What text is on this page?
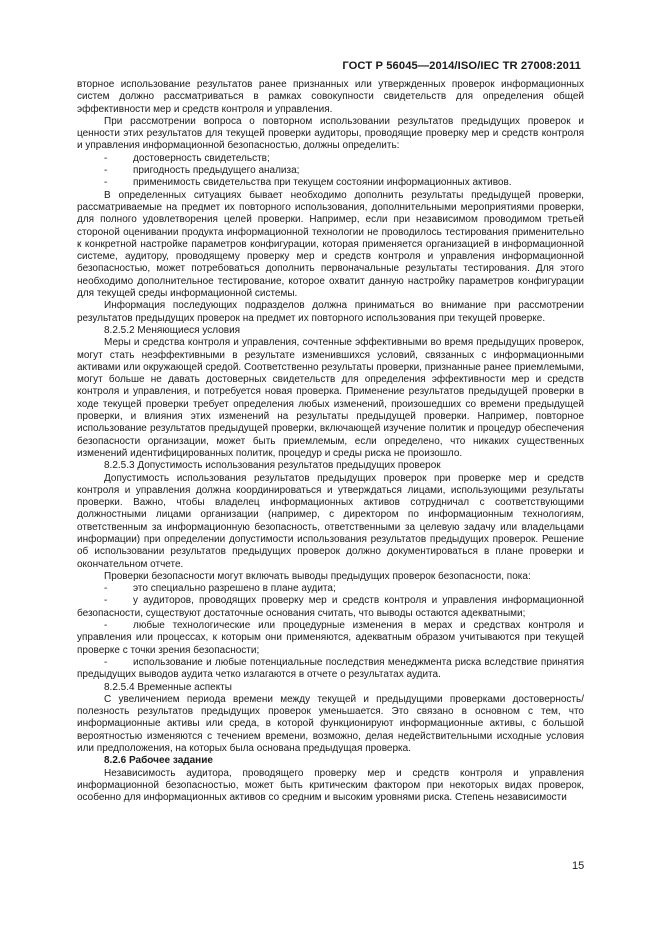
ГОСТ Р 56045—2014/ISO/IEC TR 27008:2011

вторное использование результатов ранее признанных или утвержденных проверок информационных систем должно рассматриваться в рамках совокупности свидетельств для определения общей эффективности мер и средств контроля и управления.

При рассмотрении вопроса о повторном использовании результатов предыдущих проверок и ценности этих результатов для текущей проверки аудиторы, проводящие проверку мер и средств контроля и управления информационной безопасностью, должны определить:

-	достоверность свидетельств;
-	пригодность предыдущего анализа;
-	применимость свидетельства при текущем состоянии информационных активов.

В определенных ситуациях бывает необходимо дополнить результаты предыдущей проверки, рассматриваемые на предмет их повторного использования, дополнительными мероприятиями проверки, для полного удовлетворения целей проверки. Например, если при независимом проводимом третьей стороной оценивании продукта информационной технологии не проводилось тестирования применительно к конкретной настройке параметров конфигурации, которая применяется организацией в информационной системе, аудитору, проводящему проверку мер и средств контроля и управления информационной безопасностью, может потребоваться дополнить первоначальные результаты тестирования. Для этого необходимо дополнительное тестирование, которое охватит данную настройку параметров конфигурации для текущей среды информационной системы.

Информация последующих подразделов должна приниматься во внимание при рассмотрении результатов предыдущих проверок на предмет их повторного использования при текущей проверке.

8.2.5.2 Меняющиеся условия

Меры и средства контроля и управления, сочтенные эффективными во время предыдущих проверок, могут стать неэффективными в результате изменившихся условий, связанных с информационными активами или окружающей средой. Соответственно результаты проверки, признанные ранее приемлемыми, могут больше не давать достоверных свидетельств для определения эффективности мер и средств контроля и управления, и потребуется новая проверка. Применение результатов предыдущей проверки в ходе текущей проверки требует определения любых изменений, произошедших со времени предыдущей проверки, и влияния этих изменений на результаты предыдущей проверки. Например, повторное использование результатов предыдущей проверки, включающей изучение политик и процедур обеспечения безопасности организации, может быть приемлемым, если определено, что никаких существенных изменений идентифицированных политик, процедур и среды риска не произошло.

8.2.5.3 Допустимость использования результатов предыдущих проверок

Допустимость использования результатов предыдущих проверок при проверке мер и средств контроля и управления должна координироваться и утверждаться лицами, использующими результаты проверки. Важно, чтобы владелец информационных активов сотрудничал с соответствующими должностными лицами организации (например, с директором по информационным технологиям, ответственным за информационную безопасность, ответственными за целевую задачу или владельцами информации) при определении допустимости использования результатов предыдущих проверок. Решение об использовании результатов предыдущих проверок должно документироваться в плане проверки и окончательном отчете.

Проверки безопасности могут включать выводы предыдущих проверок безопасности, пока:

-	это специально разрешено в плане аудита;
-	у аудиторов, проводящих проверку мер и средств контроля и управления информационной безопасности, существуют достаточные основания считать, что выводы остаются адекватными;
-	любые технологические или процедурные изменения в мерах и средствах контроля и управления или процессах, к которым они применяются, адекватным образом учитываются при текущей проверке с точки зрения безопасности;
-	использование и любые потенциальные последствия менеджмента риска вследствие принятия предыдущих выводов аудита четко излагаются в отчете о результатах аудита.

8.2.5.4 Временные аспекты

С увеличением периода времени между текущей и предыдущими проверками достоверность/полезность результатов предыдущих проверок уменьшается. Это связано в основном с тем, что информационные активы или среда, в которой функционируют информационные активы, с большой вероятностью изменяются с течением времени, возможно, делая недействительными исходные условия или предположения, на которых была основана предыдущая проверка.

8.2.6 Рабочее задание

Независимость аудитора, проводящего проверку мер и средств контроля и управления информационной безопасностью, может быть критическим фактором при некоторых видах проверок, особенно для информационных активов со средним и высоким уровнями риска. Степень независимости

15
